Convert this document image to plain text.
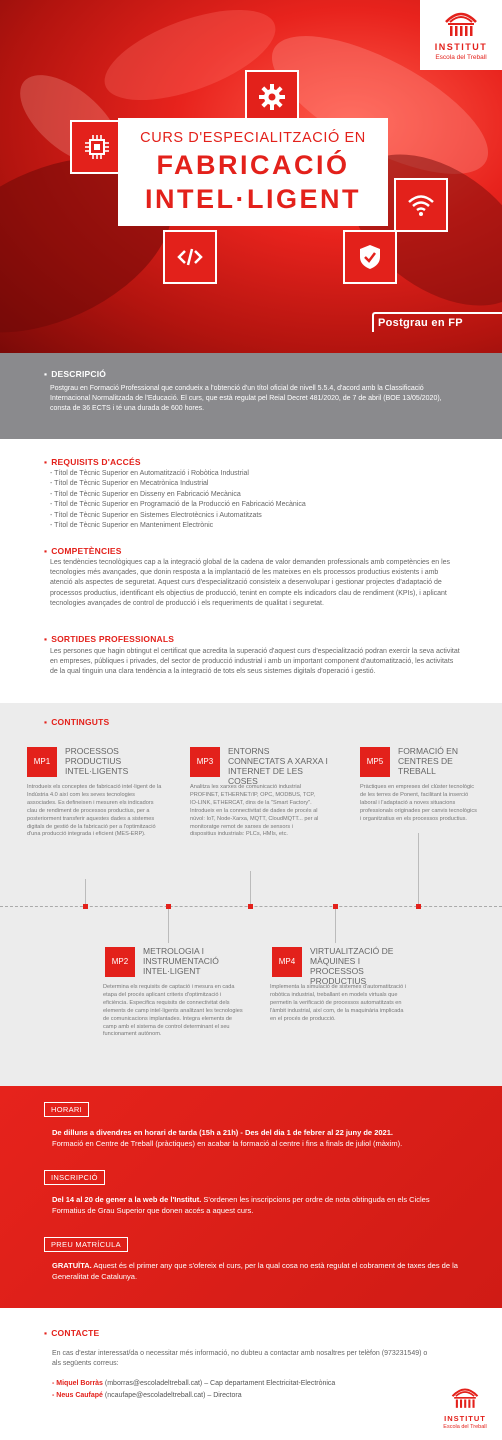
INSTITUT
Escola del Treball
CURS D'ESPECIALITZACIÓ EN
FABRICACIÓ
INTEL·LIGENT
Postgrau en FP
▪ DESCRIPCIÓ
Postgrau en Formació Professional que condueix a l'obtenció d'un títol oficial de nivell 5.5.4, d'acord amb la Classificació Internacional Normalitzada de l'Educació. El curs, que està regulat pel Reial Decret 481/2020, de 7 de abril (BOE 13/05/2020), consta de 36 ECTS i té una durada de 600 hores.
▪ REQUISITS D'ACCÉS
- Títol de Tècnic Superior en Automatització i Robòtica Industrial
- Títol de Tècnic Superior en Mecatrònica Industrial
- Títol de Tècnic Superior en Disseny en Fabricació Mecànica
- Títol de Tècnic Superior en Programació de la Producció en Fabricació Mecànica
- Títol de Tècnic Superior en Sistemes Electrotècnics i Automatitzats
- Títol de Tècnic Superior en Manteniment Electrònic
▪ COMPETÈNCIES
Les tendències tecnològiques cap a la integració global de la cadena de valor demanden professionals amb competències en les tecnologies més avançades, que donin resposta a la implantació de les mateixes en els processos productius existents i amb atenció als aspectes de seguretat. Aquest curs d'especialització consisteix a desenvolupar i gestionar projectes d'adaptació de processos productius, identificant els objectius de producció, tenint en compte els indicadors clau de rendiment (KPIs), i aplicant tecnologies avançades de control de producció i els requeriments de qualitat i seguretat.
▪ SORTIDES PROFESSIONALS
Les persones que hagin obtingut el certificat que acredita la superació d'aquest curs d'especialització podran exercir la seva activitat en empreses, públiques i privades, del sector de producció industrial i amb un important component d'automatització, les activitats de la qual tinguin una clara tendència a la integració de tots els seus sistemes digitals d'operació i gestió.
▪ CONTINGUTS
MP1
PROCESSOS PRODUCTIUS INTEL·LIGENTS
Introdueix els conceptes de fabricació intel·ligent de la Indústria 4.0 així com les seves tecnologies associades. Es defineixen i mesuren els indicadors clau de rendiment de processos productius, per a posteriorment transferir aquestes dades a sistemes digitals de gestió de la fabricació per a l'optimització d'una producció integrada i eficient (MES-ERP).
MP3
ENTORNS CONNECTATS A XARXA I INTERNET DE LES COSES
Analitza les xarxes de comunicació industrial PROFINET, ETHERNET/IP, OPC, MODBUS, TCP, IO-LINK, ETHERCAT, dins de la "Smart Factory". Introdueix en la connectivitat de dades de procés al núvol: IoT, Node-Xarxa, MQTT, CloudMQTT... per al monitoratge remot de xarxes de sensors i dispositius industrials: PLCs, HMIs, etc.
MP5
FORMACIÓ EN CENTRES DE TREBALL
Pràctiques en empreses del clúster tecnològic de les terres de Ponent, facilitant la inserció laboral i l'adaptació a noves situacions professionals originades per canvis tecnològics i organitzatius en els processos productius.
MP2
METROLOGIA I INSTRUMENTACIÓ INTEL·LIGENT
Determina els requisits de captació i mesura en cada etapa del procés aplicant criteris d'optimització i eficiència. Especifica requisits de connectivitat dels elements de camp intel·ligents analitzant les tecnologies de comunicacions implantades. Integra elements de camp amb el sistema de control determinant el seu funcionament autònom.
MP4
VIRTUALITZACIÓ DE MÀQUINES I PROCESSOS PRODUCTIUS
Implementa la simulació de sistemes d'automatització i robòtica industrial, treballant en models virtuals que permetin la verificació de processos automatitzats en l'àmbit industrial, així com, de la maquinària implicada en el procés de producció.
HORARI
De dilluns a divendres en horari de tarda (15h a 21h) - Des del dia 1 de febrer al 22 juny de 2021.
Formació en Centre de Treball (pràctiques) en acabar la formació al centre i fins a finals de juliol (màxim).
INSCRIPCIÓ
Del 14 al 20 de gener a la web de l'Institut. S'ordenen les inscripcions per ordre de nota obtinguda en els Cicles Formatius de Grau Superior que donen accés a aquest curs.
PREU MATRÍCULA
GRATUÏTA. Aquest és el primer any que s'ofereix el curs, per la qual cosa no està regulat el cobrament de taxes des de la Generalitat de Catalunya.
▪ CONTACTE
En cas d'estar interessat/da o necessitar més informació, no dubteu a contactar amb nosaltres per telèfon (973231549) o als següents correus:
- Miquel Borràs (mborras@escoladeltreball.cat) – Cap departament Electricitat-Electrònica
- Neus Caufapé (ncaufape@escoladeltreball.cat) – Directora
INSTITUT
Escola del Treball
